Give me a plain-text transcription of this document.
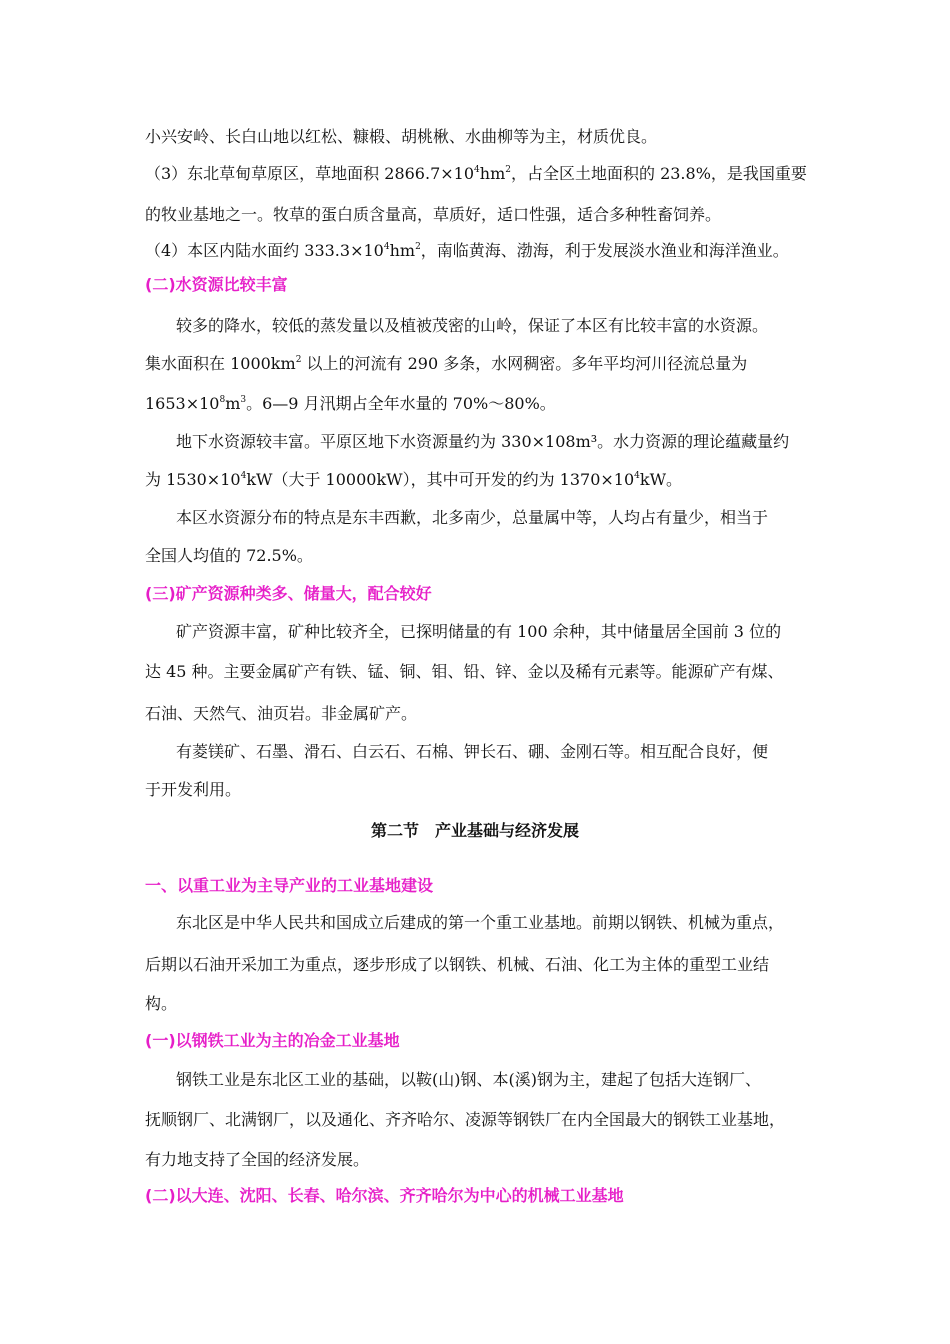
小兴安岭、长白山地以红松、糠椴、胡桃楸、水曲柳等为主，材质优良。
（3）东北草甸草原区，草地面积 $2866.7\times 10^4hm^2$，占全区土地面积的 23.8%，是我国重要
的牧业基地之一。牧草的蛋白质含量高，草质好，适口性强，适合多种牲畜饲养。
（4）本区内陆水面约 $333.3\times 10^4hm^2$，南临黄海、渤海，利于发展淡水渔业和海洋渔业。
(二)水资源比较丰富
较多的降水，较低的蒸发量以及植被茂密的山岭，保证了本区有比较丰富的水资源。
集水面积在 $1000km^2$ 以上的河流有 290 多条，水网稠密。多年平均河川径流总量为
$1653\times 10^8m^3$。6—9 月汛期占全年水量的 70%～80%。
地下水资源较丰富。平原区地下水资源量约为 330×108m³。水力资源的理论蕴藏量约
为 $1530\times 10^4kW$（大于 10000kW），其中可开发的约为 $1370\times 10^4kW$。
本区水资源分布的特点是东丰西歉，北多南少，总量属中等，人均占有量少，相当于
全国人均值的 72.5%。
(三)矿产资源种类多、储量大，配合较好
矿产资源丰富，矿种比较齐全，已探明储量的有 100 余种，其中储量居全国前 3 位的
达 45 种。主要金属矿产有铁、锰、铜、钼、铅、锌、金以及稀有元素等。能源矿产有煤、
石油、天然气、油页岩。非金属矿产。
有菱镁矿、石墨、滑石、白云石、石棉、钾长石、硼、金刚石等。相互配合良好，便
于开发利用。
第二节　产业基础与经济发展
一、以重工业为主导产业的工业基地建设
东北区是中华人民共和国成立后建成的第一个重工业基地。前期以钢铁、机械为重点，
后期以石油开采加工为重点，逐步形成了以钢铁、机械、石油、化工为主体的重型工业结
构。
(一)以钢铁工业为主的冶金工业基地
钢铁工业是东北区工业的基础，以鞍(山)钢、本(溪)钢为主，建起了包括大连钢厂、
抚顺钢厂、北满钢厂，以及通化、齐齐哈尔、凌源等钢铁厂在内全国最大的钢铁工业基地，
有力地支持了全国的经济发展。
(二)以大连、沈阳、长春、哈尔滨、齐齐哈尔为中心的机械工业基地
